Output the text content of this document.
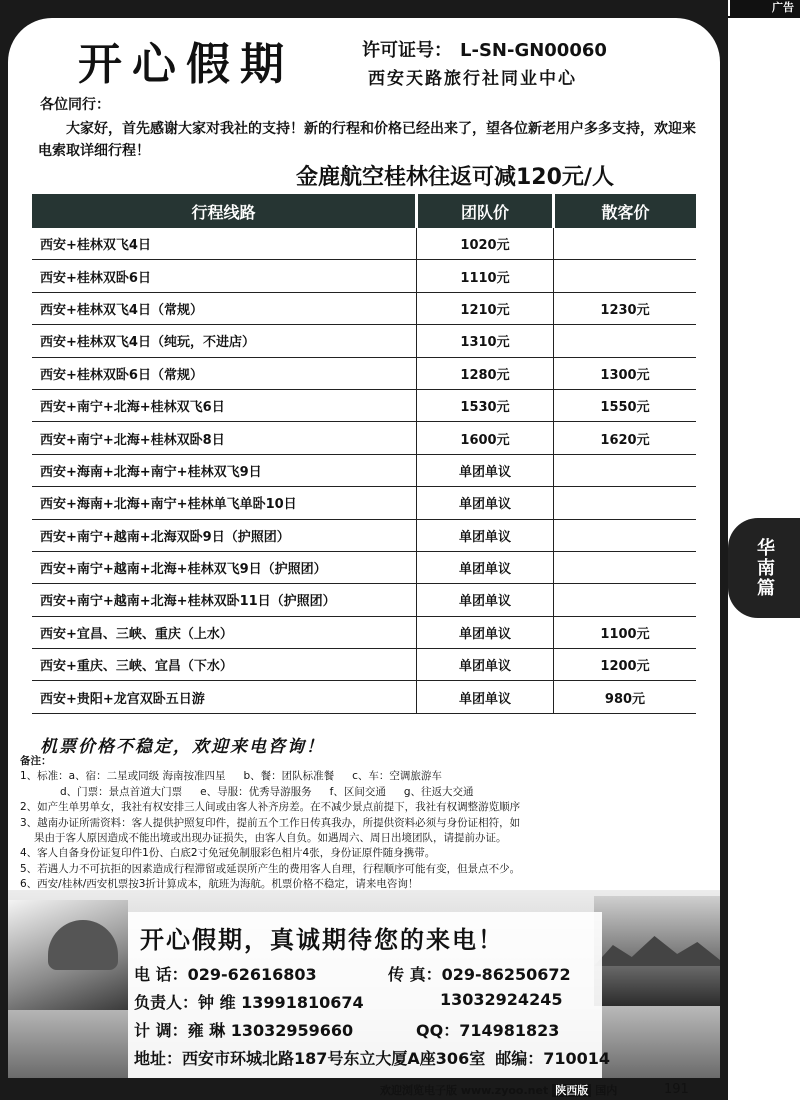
广告
华南篇
开心假期	许可证号： L-SN-GN00060
西安天路旅行社同业中心
各位同行：
大家好，首先感谢大家对我社的支持！新的行程和价格已经出来了，望各位新老用户多多支持，欢迎来电索取详细行程！
金鹿航空桂林往返可减120元/人
行程线路	团队价	散客价
西安+桂林双飞4日	1020元	
西安+桂林双卧6日	1110元	
西安+桂林双飞4日（常规）	1210元	1230元
西安+桂林双飞4日（纯玩，不进店）	1310元	
西安+桂林双卧6日（常规）	1280元	1300元
西安+南宁+北海+桂林双飞6日	1530元	1550元
西安+南宁+北海+桂林双卧8日	1600元	1620元
西安+海南+北海+南宁+桂林双飞9日	单团单议	
西安+海南+北海+南宁+桂林单飞单卧10日	单团单议	
西安+南宁+越南+北海双卧9日（护照团）	单团单议	
西安+南宁+越南+北海+桂林双飞9日（护照团）	单团单议	
西安+南宁+越南+北海+桂林双卧11日（护照团）	单团单议	
西安+宜昌、三峡、重庆（上水）	单团单议	1100元
西安+重庆、三峡、宜昌（下水）	单团单议	1200元
西安+贵阳+龙宫双卧五日游	单团单议	980元
机票价格不稳定，欢迎来电咨询！
备注：
1、标准：a、宿：二星或同级 海南按准四星 b、餐：团队标准餐 c、车：空调旅游车
d、门票：景点首道大门票 e、导服：优秀导游服务 f、区间交通 g、往返大交通
2、如产生单男单女，我社有权安排三人间或由客人补齐房差。在不减少景点前提下，我社有权调整游览顺序
3、越南办证所需资料：客人提供护照复印件，提前五个工作日传真我办，所提供资料必须与身份证相符，如
果由于客人原因造成不能出境或出现办证损失，由客人自负。如遇周六、周日出境团队，请提前办证。
4、客人自备身份证复印件1份、白底2寸免冠免制服彩色相片4张，身份证原件随身携带。
5、若遇人力不可抗拒的因素造成行程滞留或延误所产生的费用客人自理，行程顺序可能有变，但景点不少。
6、西安/桂林/西安机票按3折计算成本，航班为海航。机票价格不稳定，请来电咨询！
开心假期，真诚期待您的来电！
电 话：029-62616803	传 真：029-86250672
负责人：钟 维 13991810674	13032924245
计 调：雍 琳 13032959660	QQ：714981823
地址：西安市环城北路187号东立大厦A座306室 邮编：710014
欢迎浏览电子版 www.zyoo.net 陕西版 国内	191
